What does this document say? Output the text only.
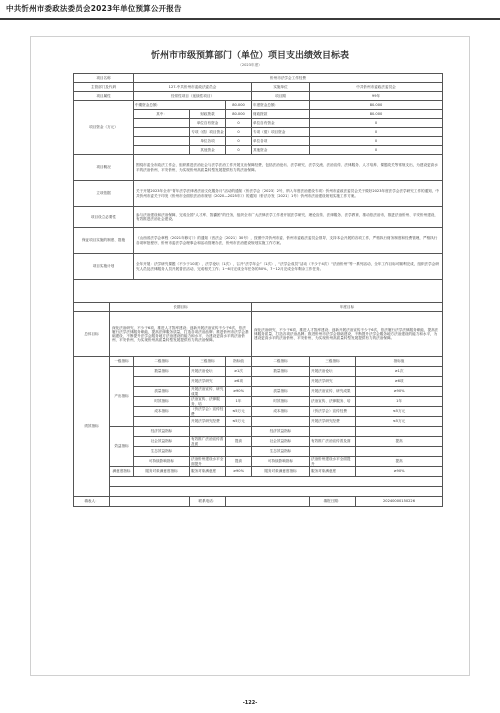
中共忻州市委政法委员会2023年单位预算公开报告
忻州市市级预算部门（单位）项目支出绩效目标表
（2023年度）
项目名称		忻州市法学会工作经费					
主管部门及代码		127-中共忻州市委政法委员会			实施单位	中共忻州市委政法委员会	
项目属性		经常性项目（延续性项目）			项目期	99年	
项目资金（万元）		中期资金总额：		80.000	年度资金总额：	80.000	
		其中：	财政拨款	80.000	财政拨款	80.000	
			单位自有资金	0	单位自有资金	0	
			专项（债）项目资金	0	专项（债）项目资金	0	
			单位各项	0	单位各项	0	
			其他资金	0	其他资金	0	
项目概况		围绕市委全市政法工作会，组织推进法治社会与法学法治工作开展支出保障经费，包括法治论坛、法学研究、法学交流、法治宣传、法律服务、人才培养、课题攻关等常规支出，为建设更高水平的法治忻州、平安忻州，为实现忻州高质量转型发展提供有力的法治保障。					
立项依据		关于开展2023年全市“青年法学法律者法治文化服务月”活动的通知（忻法学会〔2023〕2号，纳入年度法治建设专项）忻州市委政法委员会关于做好2023年度法学会法学研究工作的通知，中共忻州市委关于印发《忻州市全面依法治市规划（2020—2025年）》的通知（忻法办发〔2021〕1号）忻州市法治建设规划实施工作方案。					
项目设立必要性		参与法治建设和法治保障，完成全国“人才库、智囊团”的任务，组织全市广大法律法学工作者开展法学研究、理论宣传、法律服务、法学教育，推动依法治市，推进法治忻州、平安忻州建设，有效推进法治社会建设。					
保证项目实施的制度、措施		《山西省法学会章程（2021年修订）》的通知（晋法会〔2021〕30号），按照中共忻州市委、忻州市委政法委员会领导，支持本会开展的各项工作，严格执行财务制度和经费管理，严格执行各项审批程序，忻州市委法学会理事会和活动管理办法，忻州市法治建设规划实施工作方案。					
项目实施计划		全年开展：法学研究课题（不少于10项），法学论坛（1次），召开“法学年会”（1次），“法学会成员”活动（不少于4次）“法治忻州”等一系列活动，全年工作目标可顺利完成，组织法学会研究人员及法律服务人员开展普法活动，完成相关工作；1~6月完成全年任务的50%，7~12月完成全年剩余工作任务。					

	长期目标				年度目标		
总体目标	深化法治研究，不少于6项，推进人才智库建设；创新开展法治宣传不少于6次，依法履行法学法律服务职能，提高法律服务质量，打造各项法治品牌；推进忻州市法学会基础建设，不断提升法学会服务地方法治建设的能力和水平，为建设更高水平的法治忻州、平安忻州，为实现忻州高质量转型发展提供有力的法治保障。				深化法治研究，不少于6项，推进人才智库建设；创新开展法治宣传不少于6次，依法履行法学法律服务职能，提高法律服务质量，打造各项法治品牌；推进忻州市法学会基础建设，不断提升法学会服务地方法治建设的能力和水平，为建设更高水平的法治忻州、平安忻州，为实现忻州高质量转型发展提供有力的法治保障。		
绩效指标	一级指标	二级指标	三级指标	指标值	二级指标	三级指标	指标值
	产出指标	数量指标	开展法治论坛	≥1次	数量指标	开展法治论坛	≥1次
			开展法学研究	≥6项		开展法学研究	≥6项
		质量指标	开展法治宣传、研究成果	≥90%	质量指标	开展法治宣传、研究成果	≥90%
		时效指标	法治宣传、法律服务、培	1年	时效指标	法治宣传、法律服务、培	1年
		成本指标	（忻法学会）宣传经费	≤5万元	成本指标	（忻法学会）宣传经费	≤5万元
			开展法学研究经费	≤5万元		开展法学研究经费	≤5万元
	效益指标	经济效益指标			经济效益指标		
		社会效益指标	有效推广法治宣传普及面	提高	社会效益指标	有效推广法治宣传普及面	提高
		生态效益指标			生态效益指标		
		可持续影响指标	法治忻州建设水平全面提升	提高	可持续影响指标	法治忻州建设水平全面提升	提高
	满意度指标	服务对象满意度指标	服务对象满意度	≥90%	服务对象满意度指标	服务对象满意度	≥90%

填表人：			联系电话：			填报日期：	20240000150226
-122-
